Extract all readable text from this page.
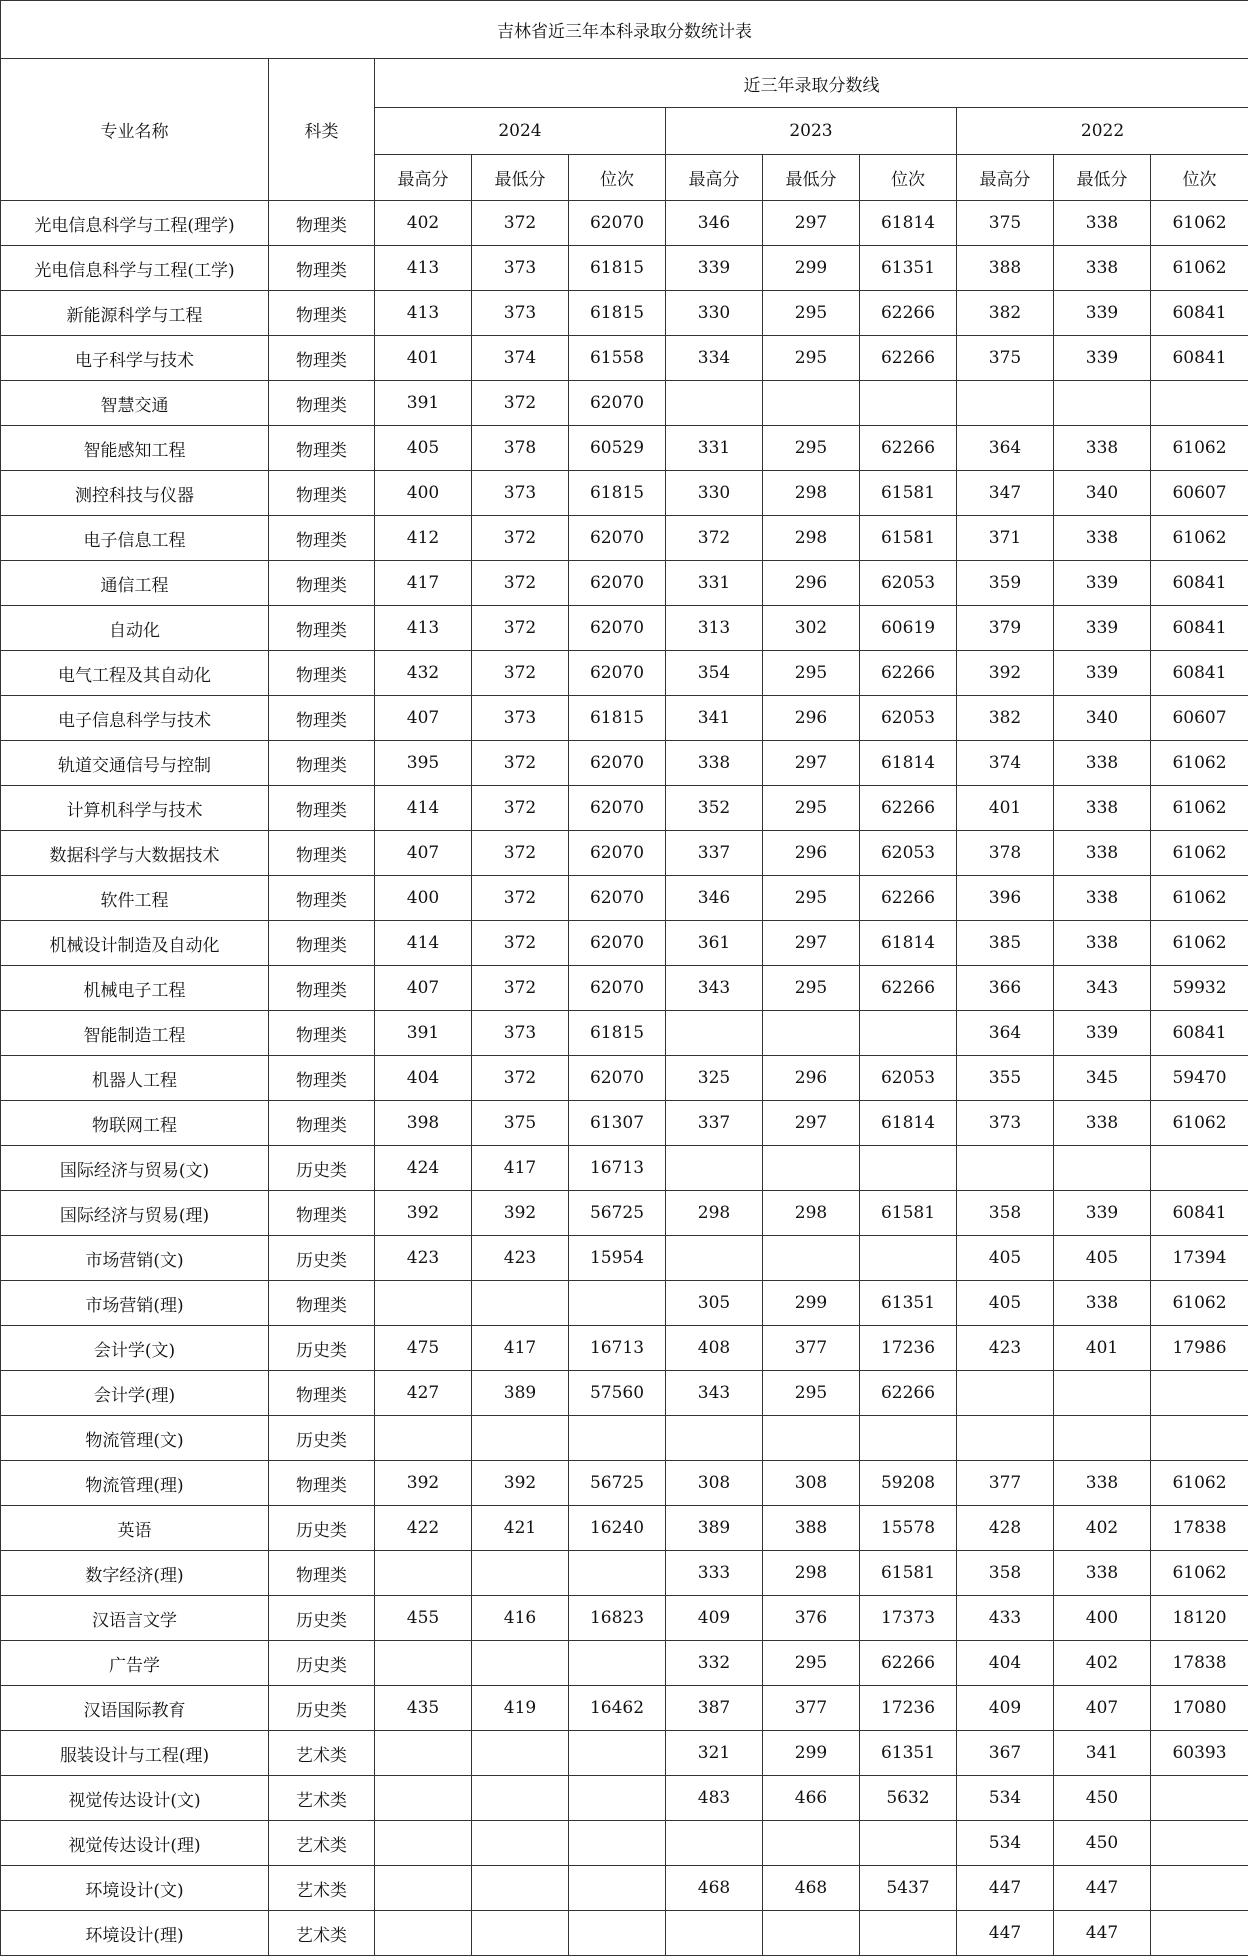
吉林省近三年本科录取分数统计表										
专业名称	科类	近三年录取分数线								
		2024			2023			2022		
		最高分	最低分	位次	最高分	最低分	位次	最高分	最低分	位次
光电信息科学与工程(理学)	物理类	402	372	62070	346	297	61814	375	338	61062
光电信息科学与工程(工学)	物理类	413	373	61815	339	299	61351	388	338	61062
新能源科学与工程	物理类	413	373	61815	330	295	62266	382	339	60841
电子科学与技术	物理类	401	374	61558	334	295	62266	375	339	60841
智慧交通	物理类	391	372	62070						
智能感知工程	物理类	405	378	60529	331	295	62266	364	338	61062
测控科技与仪器	物理类	400	373	61815	330	298	61581	347	340	60607
电子信息工程	物理类	412	372	62070	372	298	61581	371	338	61062
通信工程	物理类	417	372	62070	331	296	62053	359	339	60841
自动化	物理类	413	372	62070	313	302	60619	379	339	60841
电气工程及其自动化	物理类	432	372	62070	354	295	62266	392	339	60841
电子信息科学与技术	物理类	407	373	61815	341	296	62053	382	340	60607
轨道交通信号与控制	物理类	395	372	62070	338	297	61814	374	338	61062
计算机科学与技术	物理类	414	372	62070	352	295	62266	401	338	61062
数据科学与大数据技术	物理类	407	372	62070	337	296	62053	378	338	61062
软件工程	物理类	400	372	62070	346	295	62266	396	338	61062
机械设计制造及自动化	物理类	414	372	62070	361	297	61814	385	338	61062
机械电子工程	物理类	407	372	62070	343	295	62266	366	343	59932
智能制造工程	物理类	391	373	61815				364	339	60841
机器人工程	物理类	404	372	62070	325	296	62053	355	345	59470
物联网工程	物理类	398	375	61307	337	297	61814	373	338	61062
国际经济与贸易(文)	历史类	424	417	16713						
国际经济与贸易(理)	物理类	392	392	56725	298	298	61581	358	339	60841
市场营销(文)	历史类	423	423	15954				405	405	17394
市场营销(理)	物理类				305	299	61351	405	338	61062
会计学(文)	历史类	475	417	16713	408	377	17236	423	401	17986
会计学(理)	物理类	427	389	57560	343	295	62266			
物流管理(文)	历史类									
物流管理(理)	物理类	392	392	56725	308	308	59208	377	338	61062
英语	历史类	422	421	16240	389	388	15578	428	402	17838
数字经济(理)	物理类				333	298	61581	358	338	61062
汉语言文学	历史类	455	416	16823	409	376	17373	433	400	18120
广告学	历史类				332	295	62266	404	402	17838
汉语国际教育	历史类	435	419	16462	387	377	17236	409	407	17080
服装设计与工程(理)	艺术类				321	299	61351	367	341	60393
视觉传达设计(文)	艺术类				483	466	5632	534	450	
视觉传达设计(理)	艺术类							534	450	
环境设计(文)	艺术类				468	468	5437	447	447	
环境设计(理)	艺术类							447	447	
